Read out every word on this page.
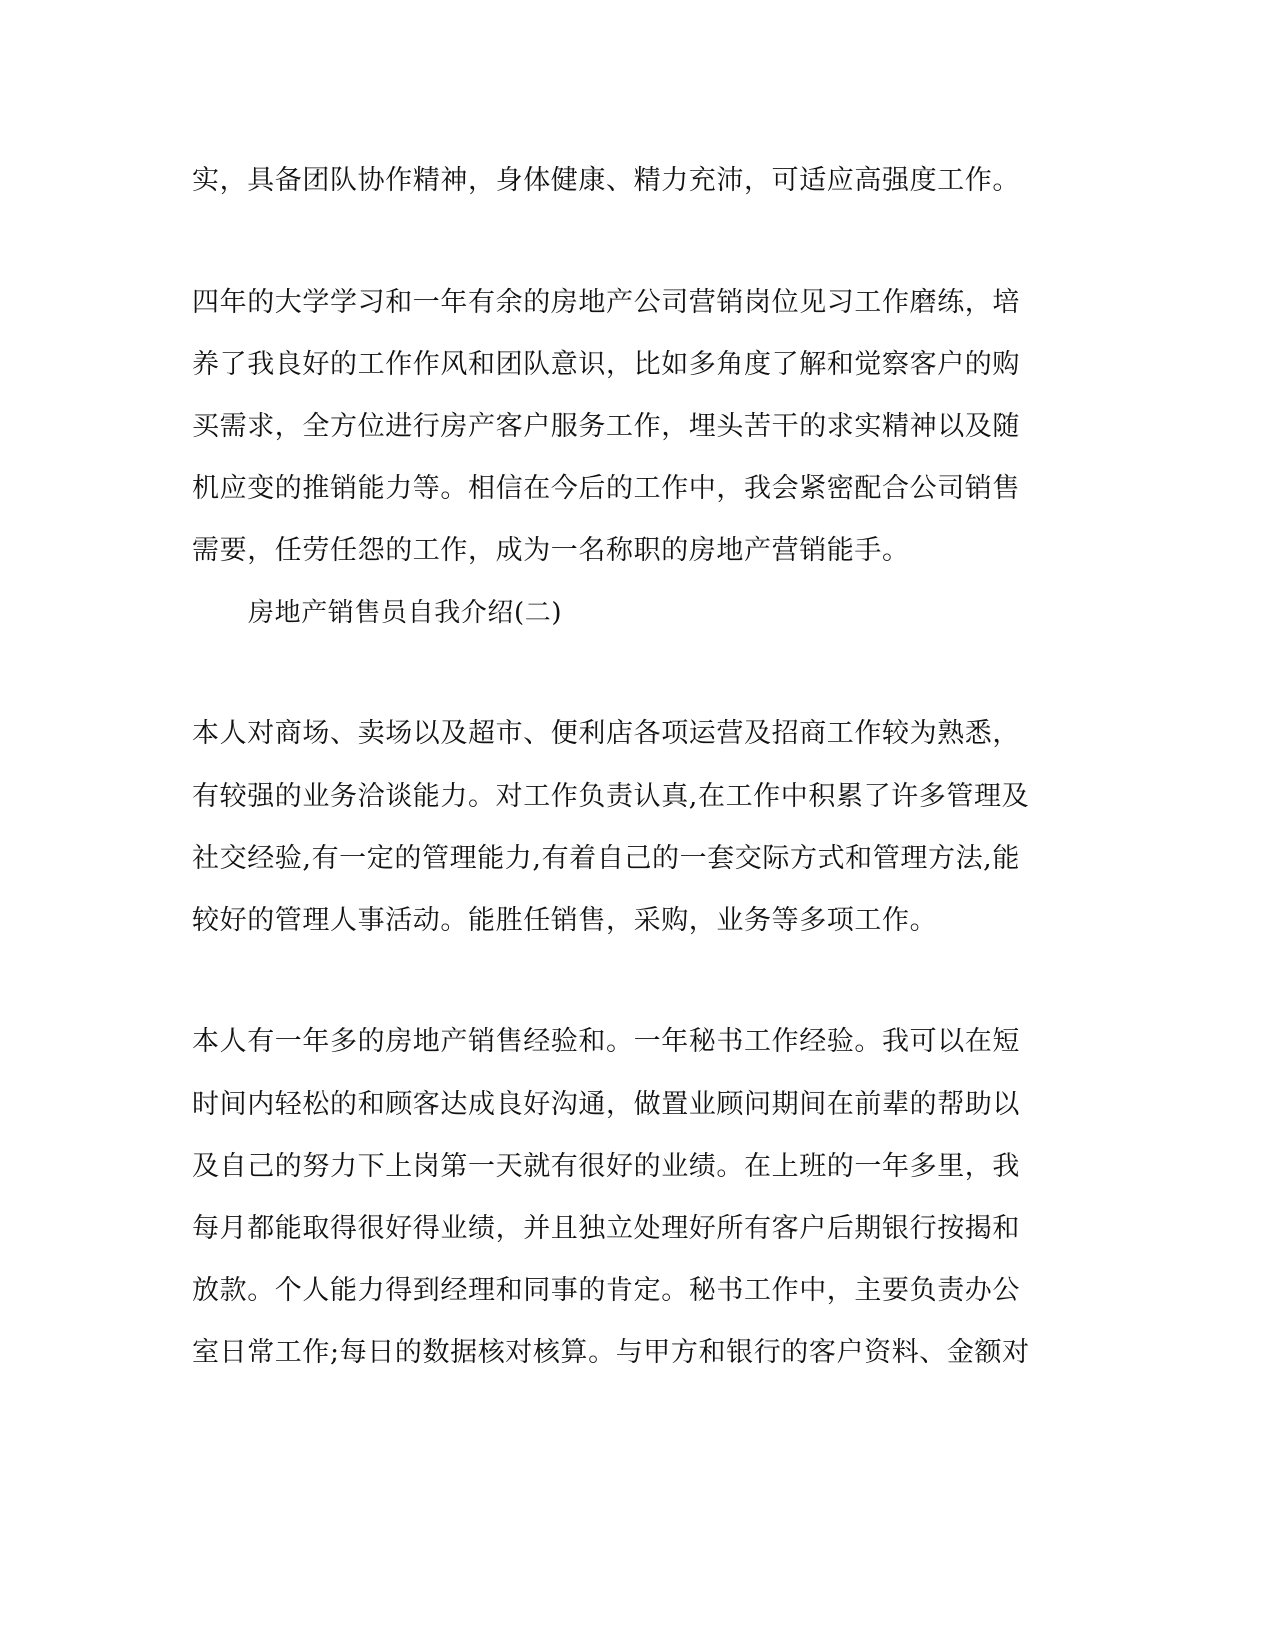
实，具备团队协作精神，身体健康、精力充沛，可适应高强度工作。
四年的大学学习和一年有余的房地产公司营销岗位见习工作磨练，培
养了我良好的工作作风和团队意识，比如多角度了解和觉察客户的购
买需求，全方位进行房产客户服务工作，埋头苦干的求实精神以及随
机应变的推销能力等。相信在今后的工作中，我会紧密配合公司销售
需要，任劳任怨的工作，成为一名称职的房地产营销能手。
房地产销售员自我介绍(二)
本人对商场、卖场以及超市、便利店各项运营及招商工作较为熟悉，
有较强的业务洽谈能力。对工作负责认真,在工作中积累了许多管理及
社交经验,有一定的管理能力,有着自己的一套交际方式和管理方法,能
较好的管理人事活动。能胜任销售，采购，业务等多项工作。
本人有一年多的房地产销售经验和。一年秘书工作经验。我可以在短
时间内轻松的和顾客达成良好沟通，做置业顾问期间在前辈的帮助以
及自己的努力下上岗第一天就有很好的业绩。在上班的一年多里，我
每月都能取得很好得业绩，并且独立处理好所有客户后期银行按揭和
放款。个人能力得到经理和同事的肯定。秘书工作中，主要负责办公
室日常工作;每日的数据核对核算。与甲方和银行的客户资料、金额对
